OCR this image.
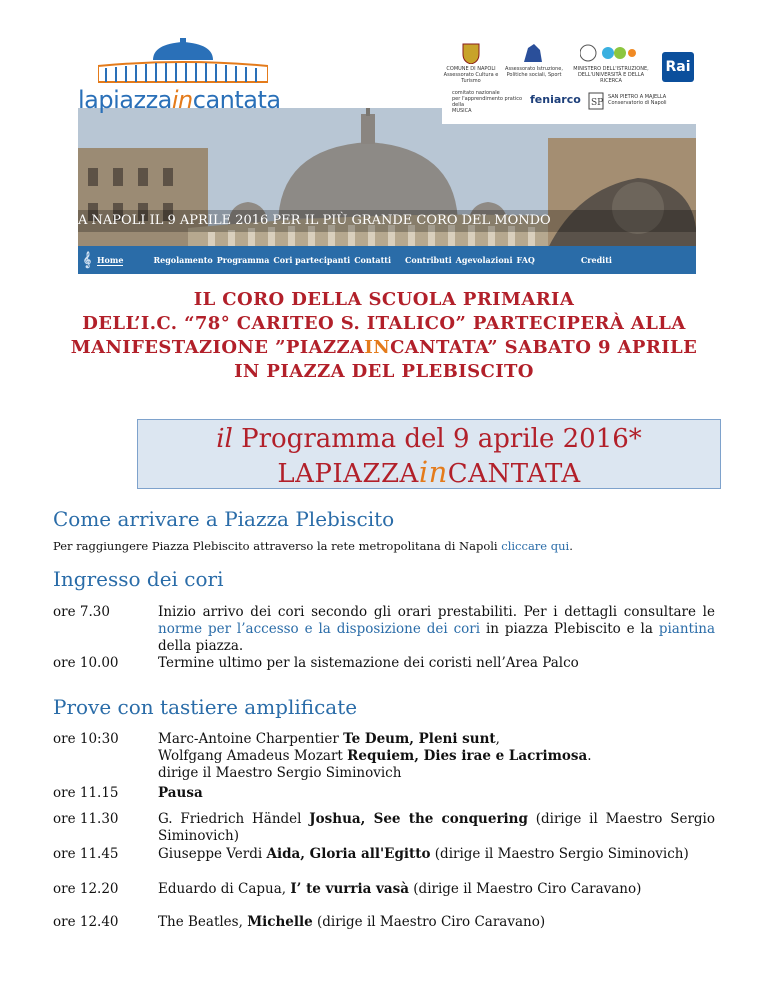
lapiazzaincantata
COMUNE DI NAPOLI
Assessorato Cultura e Turismo
Assessorato Istruzione,
Politiche sociali, Sport
MINISTERO DELL'ISTRUZIONE,
DELL'UNIVERSITÀ E DELLA RICERCA
Rai
comitato nazionale
per l'apprendimento pratico della
MUSICA
feniarco SP
SAN PIETRO A MAJELLA
Conservatorio di Napoli
A NAPOLI IL 9 APRILE 2016 PER IL PIÙ GRANDE CORO DEL MONDO
𝄞 Home	Regolamento Programma Cori partecipanti Contatti Contributi Agevolazioni FAQ	Crediti
IL CORO DELLA SCUOLA PRIMARIA
DELL’I.C. “78° CARITEO S. ITALICO” PARTECIPERÀ ALLA
MANIFESTAZIONE ”PIAZZAINCANTATA” SABATO 9 APRILE
IN PIAZZA DEL PLEBISCITO
il Programma del 9 aprile 2016*
LAPIAZZAinCANTATA
Come arrivare a Piazza Plebiscito
Per raggiungere Piazza Plebiscito attraverso la rete metropolitana di Napoli cliccare qui.
Ingresso dei cori
ore 7.30	Inizio arrivo dei cori secondo gli orari prestabiliti. Per i dettagli consultare le norme per l’accesso e la disposizione dei cori in piazza Plebiscito e la piantina della piazza.
ore 10.00	Termine ultimo per la sistemazione dei coristi nell’Area Palco
Prove con tastiere amplificate
ore 10:30	Marc-Antoine Charpentier Te Deum, Pleni sunt,
Wolfgang Amadeus Mozart Requiem, Dies irae e Lacrimosa.
dirige il Maestro Sergio Siminovich
ore 11.15	Pausa
ore 11.30	G. Friedrich Händel Joshua, See the conquering (dirige il Maestro Sergio Siminovich)
ore 11.45	Giuseppe Verdi Aida, Gloria all'Egitto (dirige il Maestro Sergio Siminovich)
ore 12.20	Eduardo di Capua, I’ te vurria vasà (dirige il Maestro Ciro Caravano)
ore 12.40	The Beatles, Michelle (dirige il Maestro Ciro Caravano)
